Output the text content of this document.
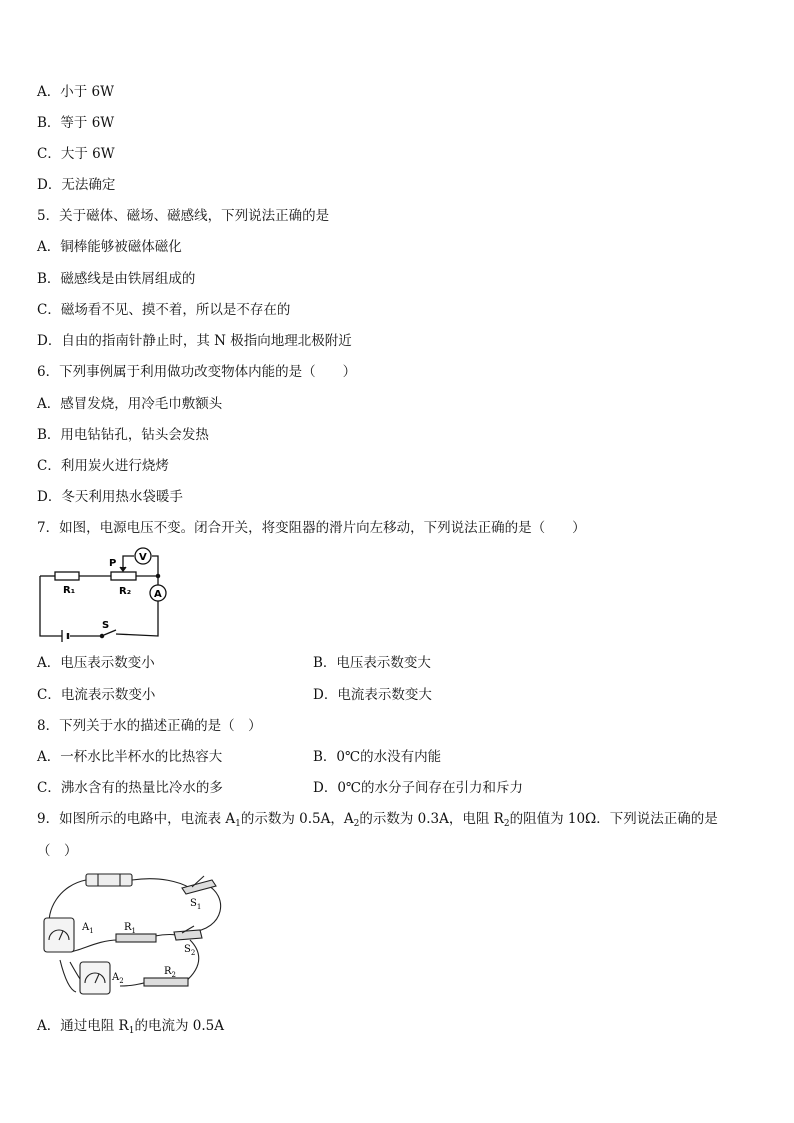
A．小于 6W
B．等于 6W
C．大于 6W
D．无法确定
5．关于磁体、磁场、磁感线，下列说法正确的是
A．铜棒能够被磁体磁化
B．磁感线是由铁屑组成的
C．磁场看不见、摸不着，所以是不存在的
D．自由的指南针静止时，其 N 极指向地理北极附近
6．下列事例属于利用做功改变物体内能的是（　　）
A．感冒发烧，用冷毛巾敷额头
B．用电钻钻孔，钻头会发热
C．利用炭火进行烧烤
D．冬天利用热水袋暖手
7．如图，电源电压不变。闭合开关，将变阻器的滑片向左移动，下列说法正确的是（　　）
R₁	R₂
P
V
A
S
A．电压表示数变小	B．电压表示数变大
C．电流表示数变小	D．电流表示数变大
8．下列关于水的描述正确的是（　）
A．一杯水比半杯水的比热容大	B．0℃的水没有内能
C．沸水含有的热量比冷水的多	D．0℃的水分子间存在引力和斥力
9．如图所示的电路中，电流表 $A_1$的示数为 0.5A，$A_2$的示数为 0.3A，电阻 $R_2$的阻值为 10Ω．下列说法正确的是
（　）
$A_1$	$R_1$
$S_1$
$S_2$
$A_2$
$R_2$
A．通过电阻 $R_1$的电流为 0.5A
